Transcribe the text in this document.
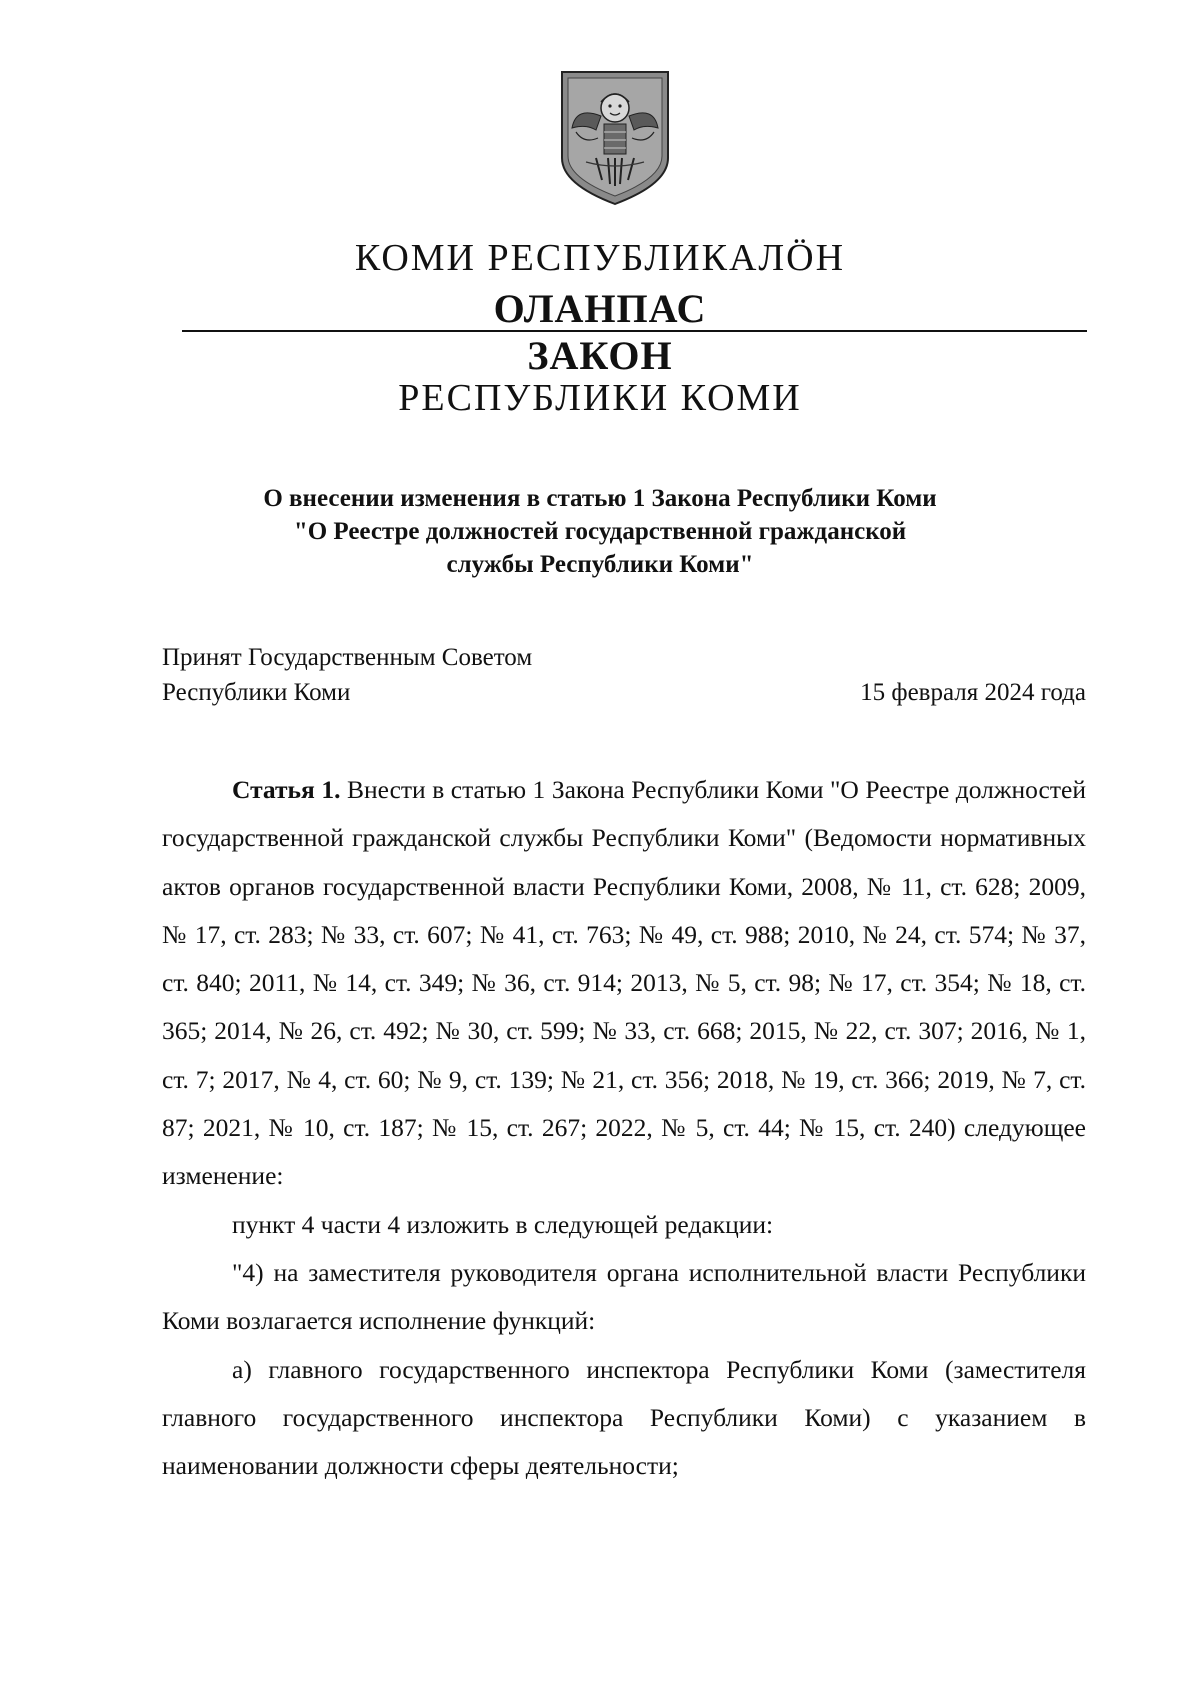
КОМИ РЕСПУБЛИКАЛÖН
ОЛАНПАС
ЗАКОН
РЕСПУБЛИКИ КОМИ
О внесении изменения в статью 1 Закона Республики Коми
"О Реестре должностей государственной гражданской
службы Республики Коми"
Принят Государственным Советом
Республики Коми	15 февраля 2024 года

Статья 1. Внести в статью 1 Закона Республики Коми "О Реестре должностей государственной гражданской службы Республики Коми" (Ведомости нормативных актов органов государственной власти Республики Коми, 2008, № 11, ст. 628; 2009, № 17, ст. 283; № 33, ст. 607; № 41, ст. 763; № 49, ст. 988; 2010, № 24, ст. 574; № 37, ст. 840; 2011, № 14, ст. 349; № 36, ст. 914; 2013, № 5, ст. 98; № 17, ст. 354; № 18, ст. 365; 2014, № 26, ст. 492; № 30, ст. 599; № 33, ст. 668; 2015, № 22, ст. 307; 2016, № 1, ст. 7; 2017, № 4, ст. 60; № 9, ст. 139; № 21, ст. 356; 2018, № 19, ст. 366; 2019, № 7, ст. 87; 2021, № 10, ст. 187; № 15, ст. 267; 2022, № 5, ст. 44; № 15, ст. 240) следующее изменение:

пункт 4 части 4 изложить в следующей редакции:

"4) на заместителя руководителя органа исполнительной власти Республики Коми возлагается исполнение функций:

а) главного государственного инспектора Республики Коми (заместителя главного государственного инспектора Республики Коми) с указанием в наименовании должности сферы деятельности;
